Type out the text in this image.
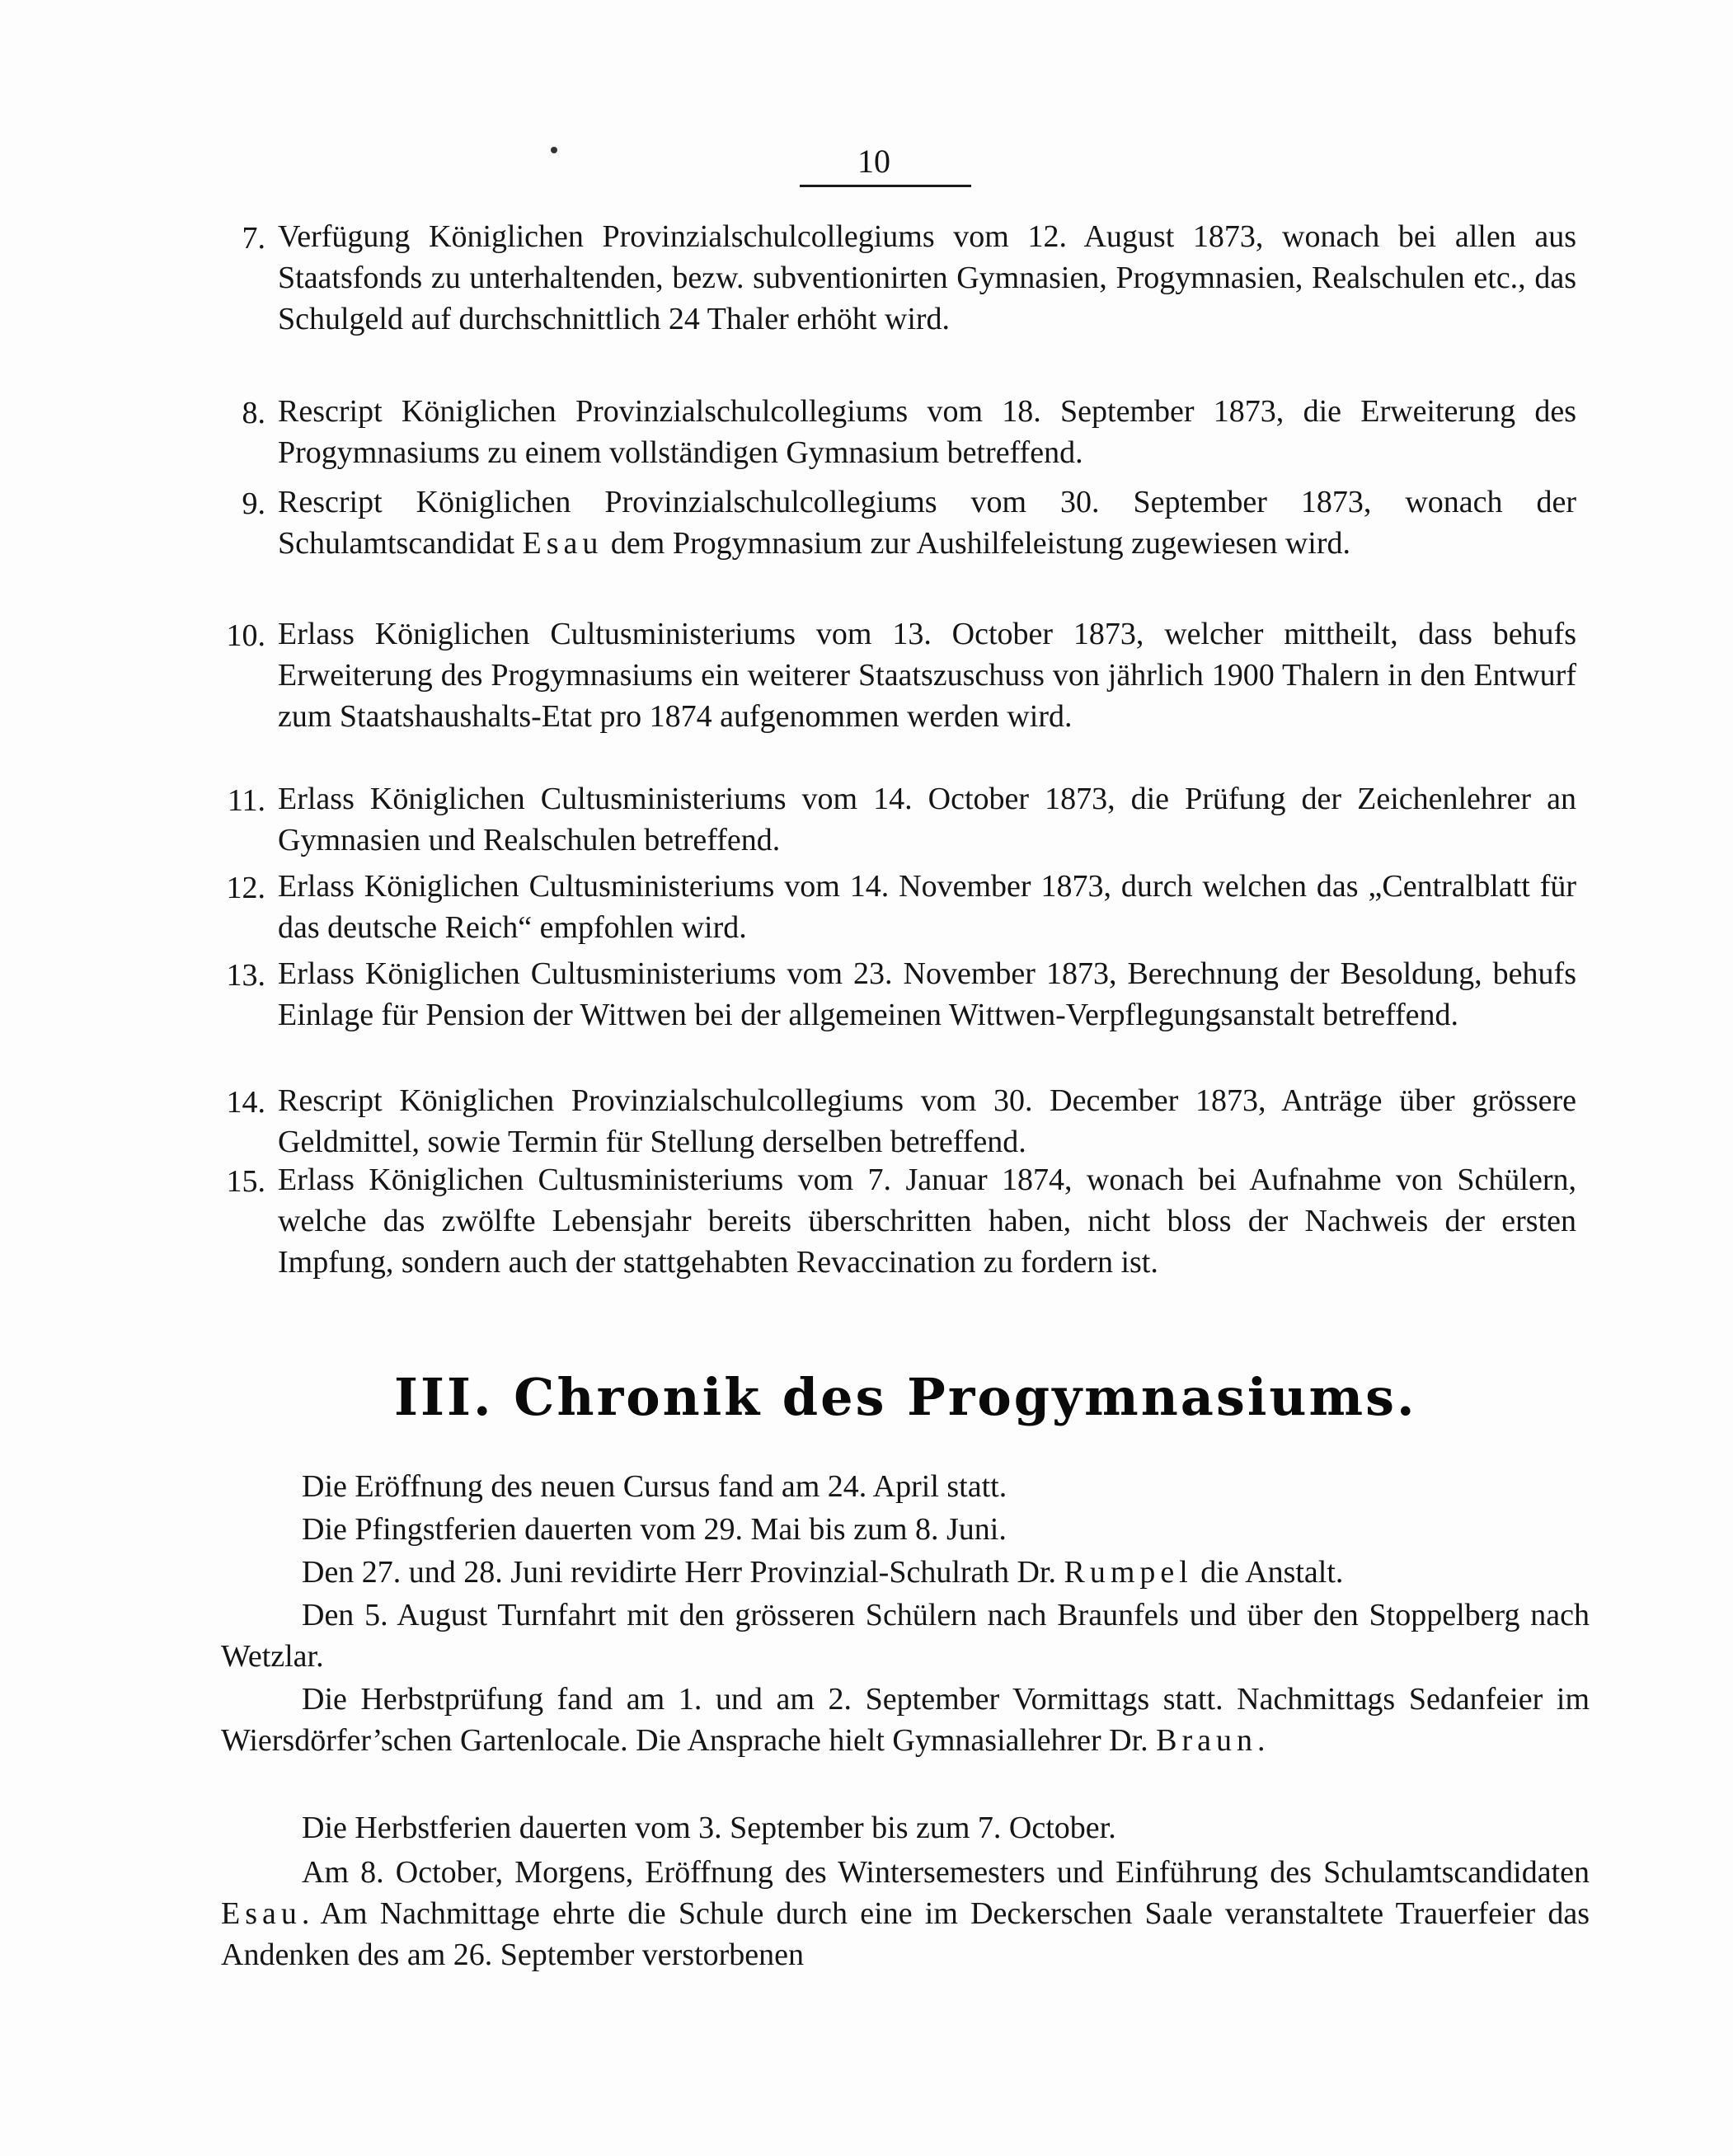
10
7. Verfügung Königlichen Provinzialschulcollegiums vom 12. August 1873, wonach bei allen aus Staatsfonds zu unterhaltenden, bezw. subventionirten Gymnasien, Progymnasien, Realschulen etc., das Schulgeld auf durchschnittlich 24 Thaler erhöht wird.
8. Rescript Königlichen Provinzialschulcollegiums vom 18. September 1873, die Erweiterung des Progymnasiums zu einem vollständigen Gymnasium betreffend.
9. Rescript Königlichen Provinzialschulcollegiums vom 30. September 1873, wonach der Schulamtscandidat Esau dem Progymnasium zur Aushilfeleistung zugewiesen wird.
10. Erlass Königlichen Cultusministeriums vom 13. October 1873, welcher mittheilt, dass behufs Erweiterung des Progymnasiums ein weiterer Staatszuschuss von jährlich 1900 Thalern in den Entwurf zum Staatshaushalts-Etat pro 1874 aufgenommen werden wird.
11. Erlass Königlichen Cultusministeriums vom 14. October 1873, die Prüfung der Zeichenlehrer an Gymnasien und Realschulen betreffend.
12. Erlass Königlichen Cultusministeriums vom 14. November 1873, durch welchen das „Centralblatt für das deutsche Reich“ empfohlen wird.
13. Erlass Königlichen Cultusministeriums vom 23. November 1873, Berechnung der Besoldung, behufs Einlage für Pension der Wittwen bei der allgemeinen Wittwen-Verpflegungsanstalt betreffend.
14. Rescript Königlichen Provinzialschulcollegiums vom 30. December 1873, Anträge über grössere Geldmittel, sowie Termin für Stellung derselben betreffend.
15. Erlass Königlichen Cultusministeriums vom 7. Januar 1874, wonach bei Aufnahme von Schülern, welche das zwölfte Lebensjahr bereits überschritten haben, nicht bloss der Nachweis der ersten Impfung, sondern auch der stattgehabten Revaccination zu fordern ist.
III. Chronik des Progymnasiums.
Die Eröffnung des neuen Cursus fand am 24. April statt.
Die Pfingstferien dauerten vom 29. Mai bis zum 8. Juni.
Den 27. und 28. Juni revidirte Herr Provinzial-Schulrath Dr. Rumpel die Anstalt.
Den 5. August Turnfahrt mit den grösseren Schülern nach Braunfels und über den Stoppelberg nach Wetzlar.
Die Herbstprüfung fand am 1. und am 2. September Vormittags statt. Nachmittags Sedanfeier im Wiersdörfer’schen Gartenlocale. Die Ansprache hielt Gymnasiallehrer Dr. Braun.
Die Herbstferien dauerten vom 3. September bis zum 7. October.
Am 8. October, Morgens, Eröffnung des Wintersemesters und Einführung des Schulamtscandidaten Esau. Am Nachmittage ehrte die Schule durch eine im Deckerschen Saale veranstaltete Trauerfeier das Andenken des am 26. September verstorbenen
